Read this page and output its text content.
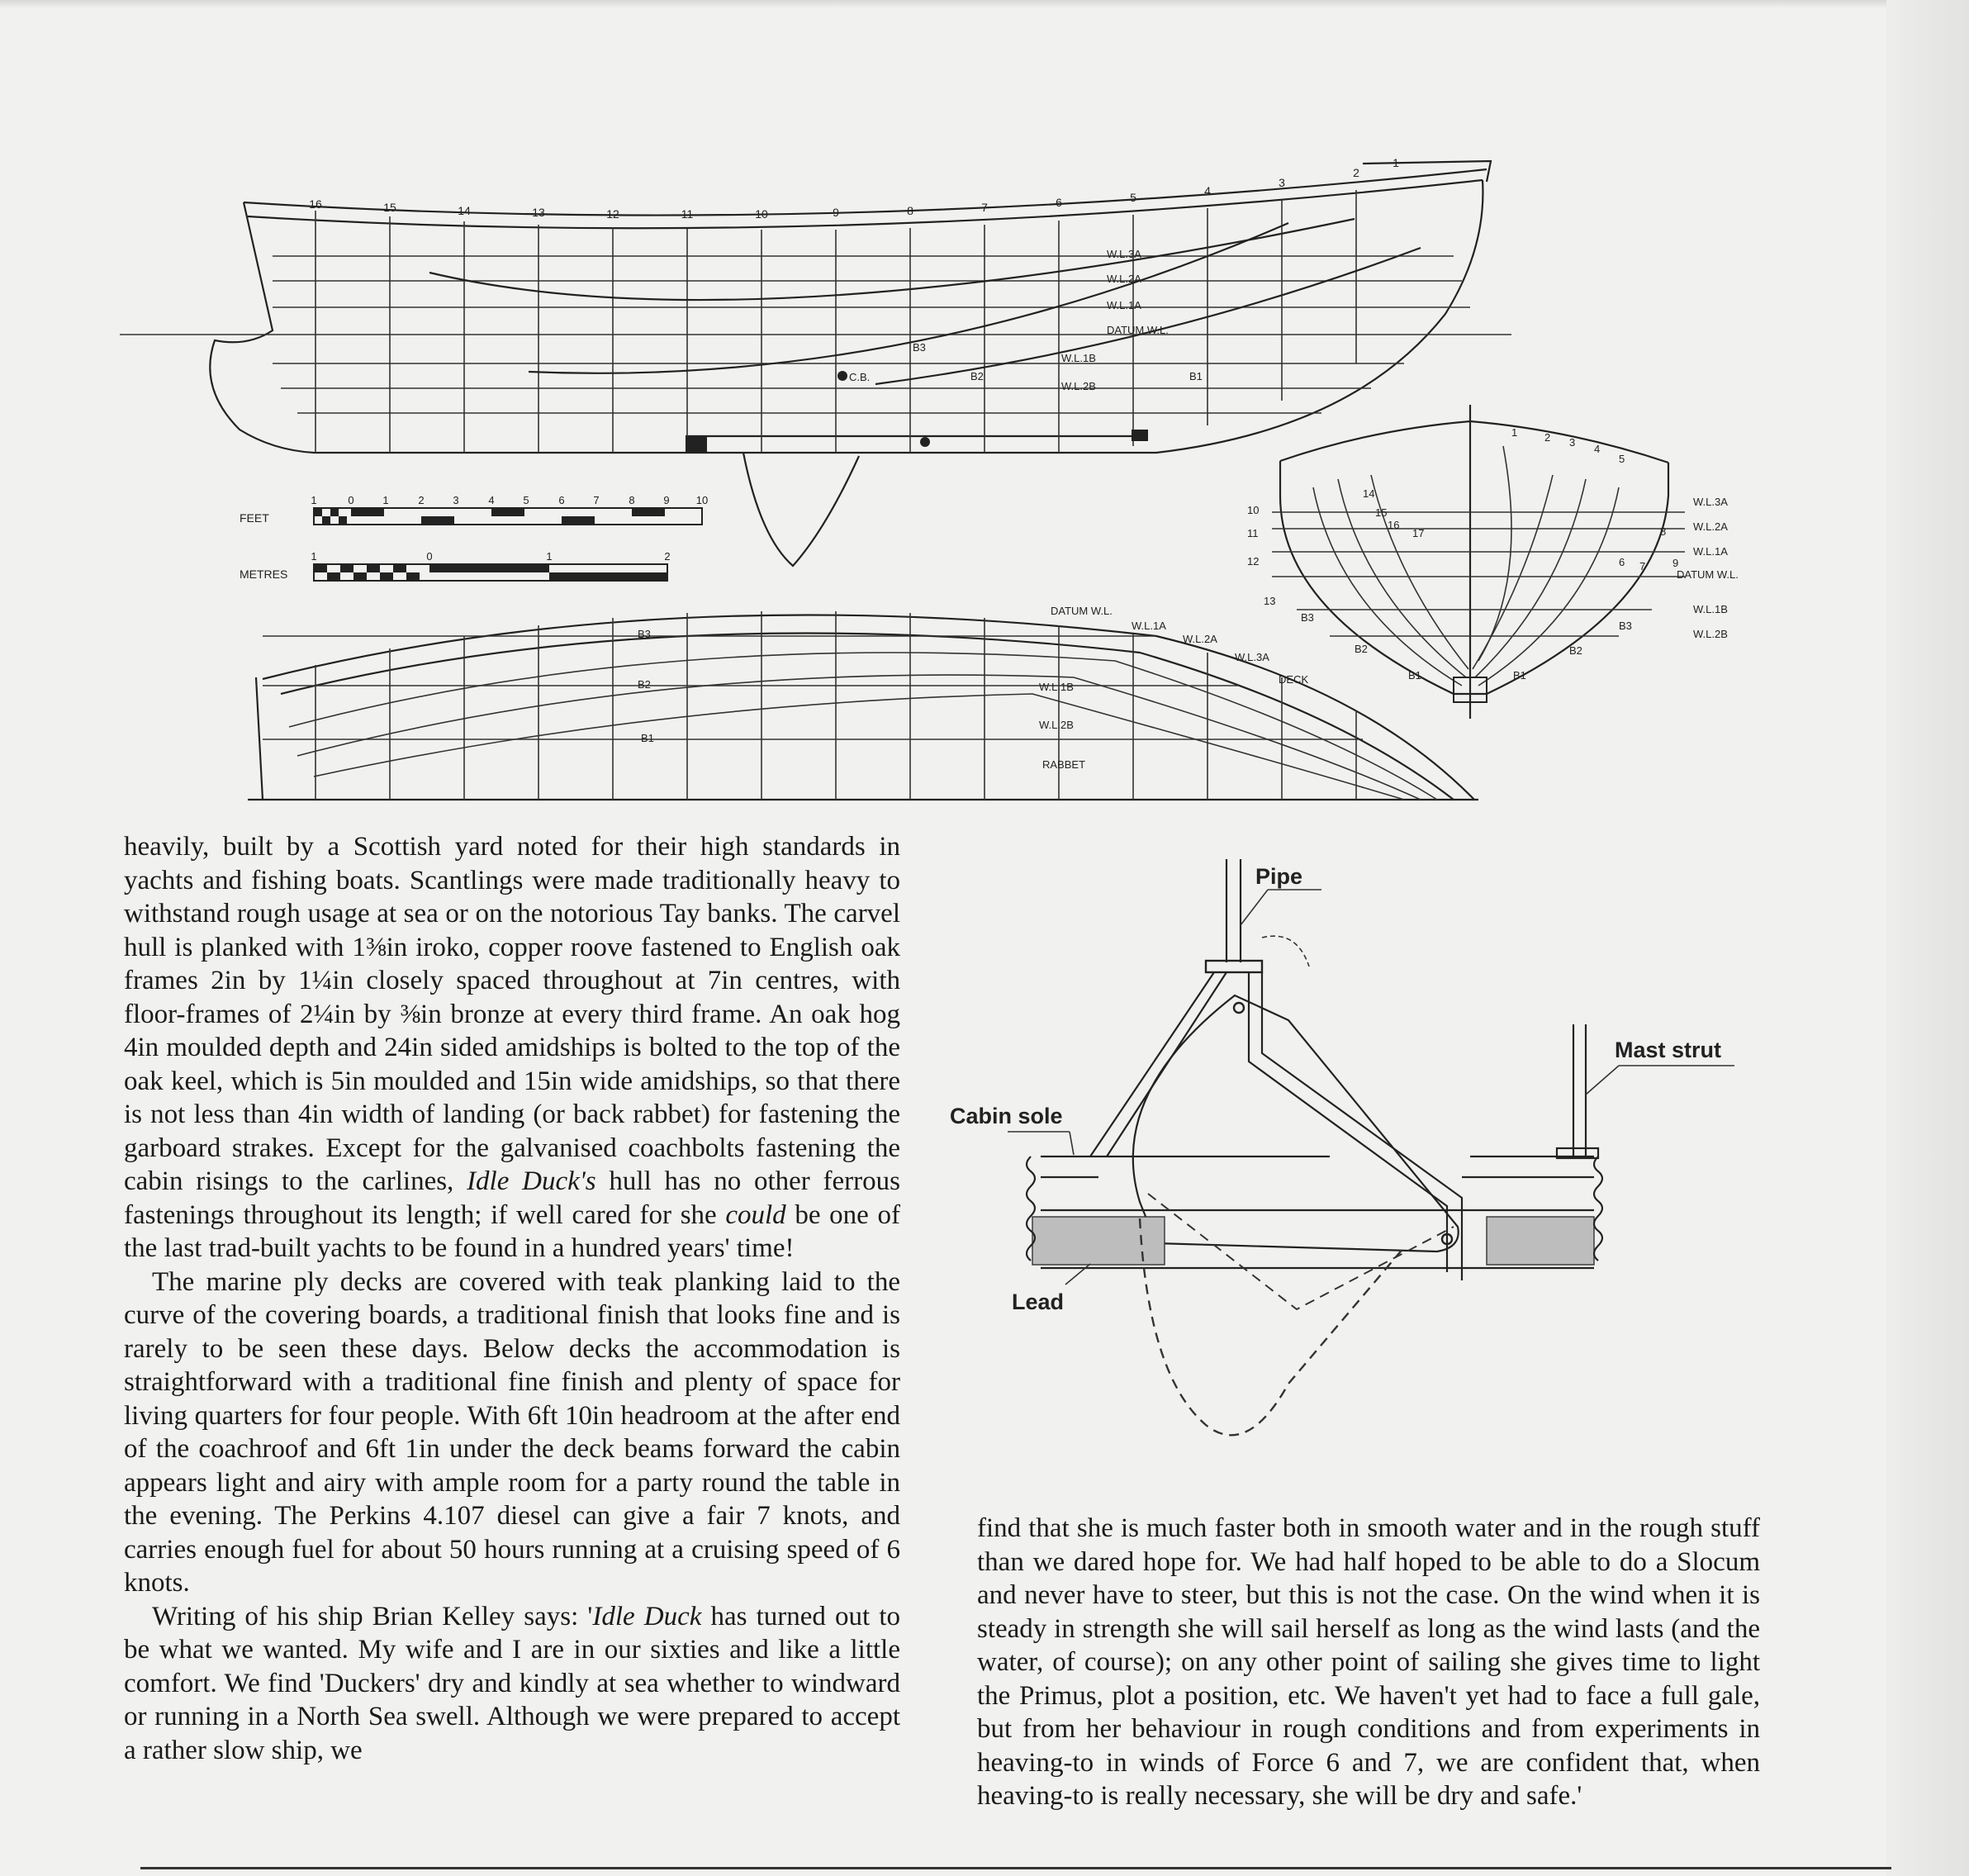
16	15	14	13	12	11	10	9	8	7	6	5	4
3
2
1
W.L.3A
W.L.2A
W.L.1A
DATUM W.L.
B3
B2	B1
W.L.1B
W.L.2B
C.B.
FEET
1	0	1	2	3	4	5	6	7	8	9 10
METRES
1	0	1	2
DATUM W.L.
W.L.1A
W.L.2A
W.L.3A
DECK
B3
B2
B1
W.L.1B
W.L.2B
RABBET
10
11
12
13
W.L.3A
W.L.2A
W.L.1A
DATUM W.L.
W.L.1B
W.L.2B
14
15
16
17
1	2 3
4
5
6 7
8
9
B3
B2
B1	B1
B2
B3
Pipe
Mast strut
Cabin sole
Lead

heavily, built by a Scottish yard noted for their high standards in yachts and fishing boats. Scantlings were made traditionally heavy to withstand rough usage at sea or on the notorious Tay banks. The carvel hull is planked with 1⅜in iroko, copper roove fastened to English oak frames 2in by 1¼in closely spaced throughout at 7in centres, with floor-frames of 2¼in by ⅜in bronze at every third frame. An oak hog 4in moulded depth and 24in sided amidships is bolted to the top of the oak keel, which is 5in moulded and 15in wide amidships, so that there is not less than 4in width of landing (or back rabbet) for fastening the garboard strakes. Except for the galvanised coachbolts fastening the cabin risings to the carlines, Idle Duck's hull has no other ferrous fastenings throughout its length; if well cared for she could be one of the last trad-built yachts to be found in a hundred years' time!

The marine ply decks are covered with teak planking laid to the curve of the covering boards, a traditional finish that looks fine and is rarely to be seen these days. Below decks the accommodation is straightforward with a traditional fine finish and plenty of space for living quarters for four people. With 6ft 10in headroom at the after end of the coachroof and 6ft 1in under the deck beams forward the cabin appears light and airy with ample room for a party round the table in the evening. The Perkins 4.107 diesel can give a fair 7 knots, and carries enough fuel for about 50 hours running at a cruising speed of 6 knots.

Writing of his ship Brian Kelley says: 'Idle Duck has turned out to be what we wanted. My wife and I are in our sixties and like a little comfort. We find 'Duckers' dry and kindly at sea whether to windward or running in a North Sea swell. Although we were prepared to accept a rather slow ship, we

find that she is much faster both in smooth water and in the rough stuff than we dared hope for. We had half hoped to be able to do a Slocum and never have to steer, but this is not the case. On the wind when it is steady in strength she will sail herself as long as the wind lasts (and the water, of course); on any other point of sailing she gives time to light the Primus, plot a position, etc. We haven't yet had to face a full gale, but from her behaviour in rough conditions and from experiments in heaving-to in winds of Force 6 and 7, we are confident that, when heaving-to is really necessary, she will be dry and safe.'
